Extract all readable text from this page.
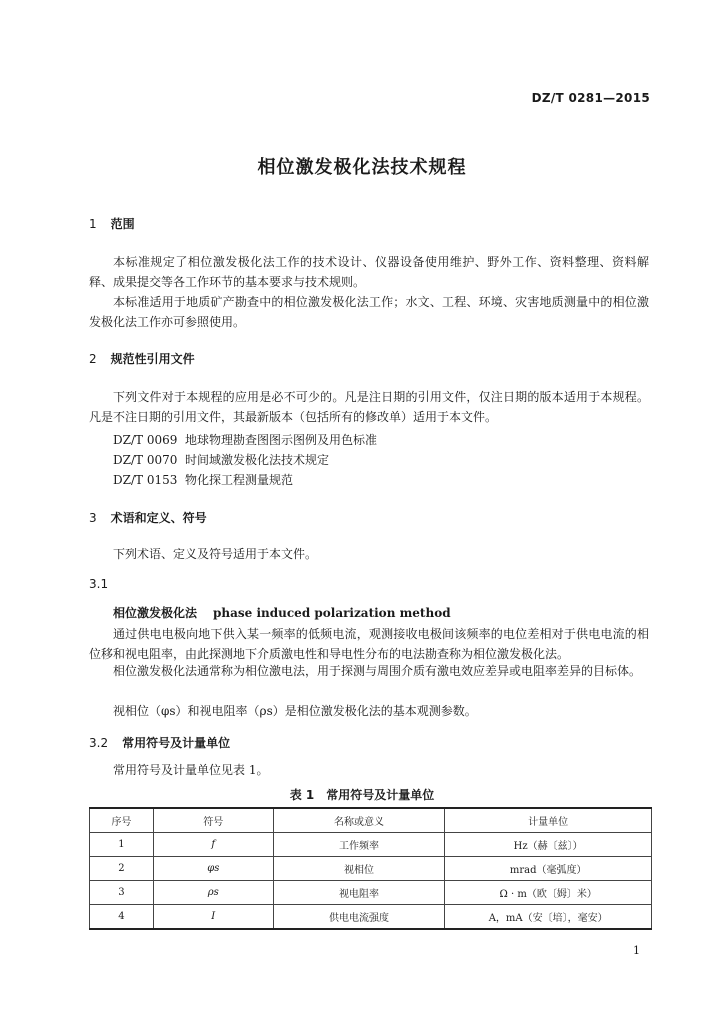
DZ/T 0281—2015
相位激发极化法技术规程
1 范围
本标准规定了相位激发极化法工作的技术设计、仪器设备使用维护、野外工作、资料整理、资料解释、成果提交等各工作环节的基本要求与技术规则。
本标准适用于地质矿产勘查中的相位激发极化法工作；水文、工程、环境、灾害地质测量中的相位激发极化法工作亦可参照使用。
2 规范性引用文件
下列文件对于本规程的应用是必不可少的。凡是注日期的引用文件，仅注日期的版本适用于本规程。凡是不注日期的引用文件，其最新版本（包括所有的修改单）适用于本文件。
DZ/T 0069 地球物理勘查图图示图例及用色标准
DZ/T 0070 时间域激发极化法技术规定
DZ/T 0153 物化探工程测量规范
3 术语和定义、符号
下列术语、定义及符号适用于本文件。
3.1
相位激发极化法 phase induced polarization method
通过供电电极向地下供入某一频率的低频电流，观测接收电极间该频率的电位差相对于供电电流的相位移和视电阻率，由此探测地下介质激电性和导电性分布的电法勘查称为相位激发极化法。
相位激发极化法通常称为相位激电法，用于探测与周围介质有激电效应差异或电阻率差异的目标体。
视相位（φs）和视电阻率（ρs）是相位激发极化法的基本观测参数。
3.2 常用符号及计量单位
常用符号及计量单位见表 1。
表 1　常用符号及计量单位
序号	符号	名称或意义	计量单位
1	f	工作频率	Hz（赫〔兹〕）
2	φs	视相位	mrad（毫弧度）
3	ρs	视电阻率	Ω · m（欧〔姆〕米）
4	I	供电电流强度	A，mA（安〔培〕，毫安）
1
